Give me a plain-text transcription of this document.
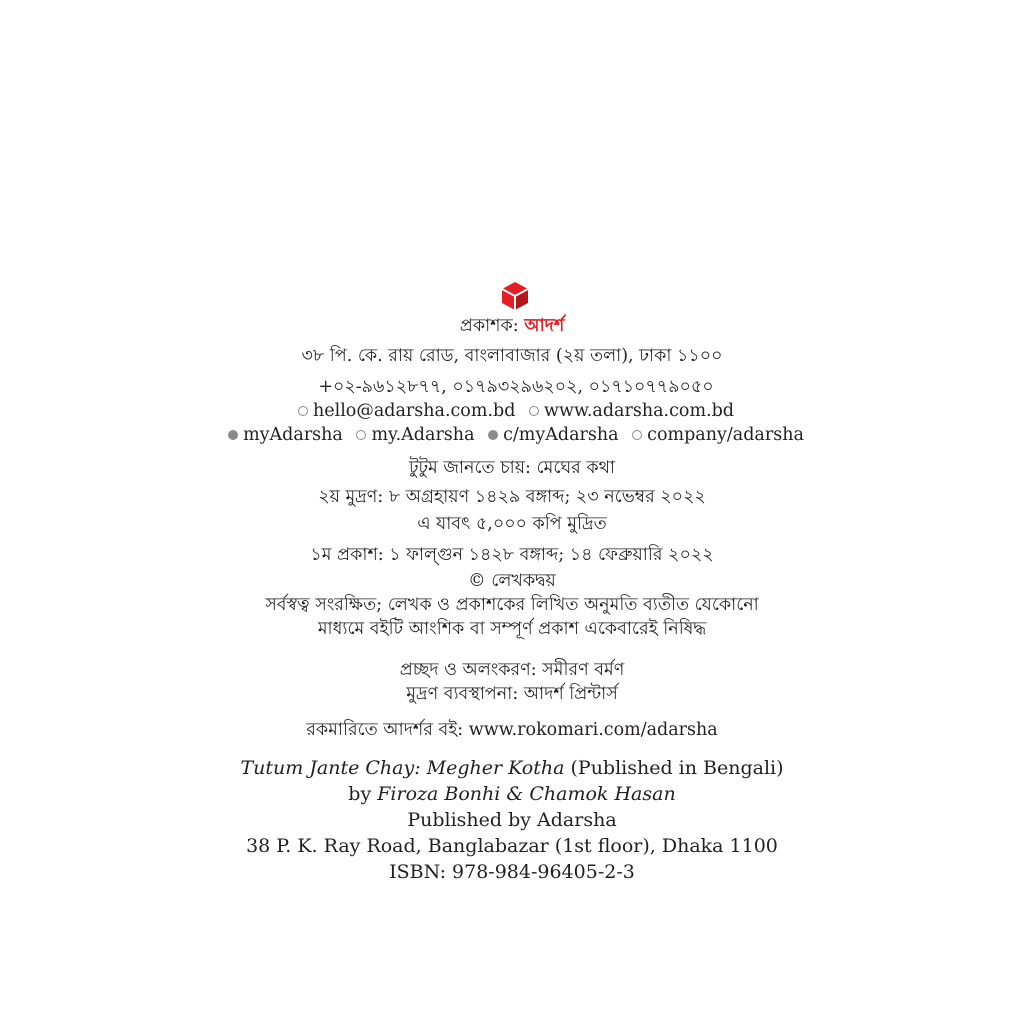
প্রকাশক: আদর্শ
৩৮ পি. কে. রায় রোড, বাংলাবাজার (২য় তলা), ঢাকা ১১০০
+০২-৯৬১২৮৭৭, ০১৭৯৩২৯৬২০২, ০১৭১০৭৭৯০৫০
hello@adarsha.com.bd www.adarsha.com.bd
myAdarsha my.Adarsha c/myAdarsha company/adarsha
টুটুম জানতে চায়: মেঘের কথা
২য় মুদ্রণ: ৮ অগ্রহায়ণ ১৪২৯ বঙ্গাব্দ; ২৩ নভেম্বর ২০২২
এ যাবৎ ৫,০০০ কপি মুদ্রিত
১ম প্রকাশ: ১ ফাল্গুন ১৪২৮ বঙ্গাব্দ; ১৪ ফেব্রুয়ারি ২০২২
© লেখকদ্বয়
সর্বস্বত্ব সংরক্ষিত; লেখক ও প্রকাশকের লিখিত অনুমতি ব্যতীত যেকোনো
মাধ্যমে বইটি আংশিক বা সম্পূর্ণ প্রকাশ একেবারেই নিষিদ্ধ
প্রচ্ছদ ও অলংকরণ: সমীরণ বর্মণ
মুদ্রণ ব্যবস্থাপনা: আদর্শ প্রিন্টার্স
রকমারিতে আদর্শর বই: www.rokomari.com/adarsha
Tutum Jante Chay: Megher Kotha (Published in Bengali)
by Firoza Bonhi & Chamok Hasan
Published by Adarsha
38 P. K. Ray Road, Banglabazar (1st floor), Dhaka 1100
ISBN: 978-984-96405-2-3
